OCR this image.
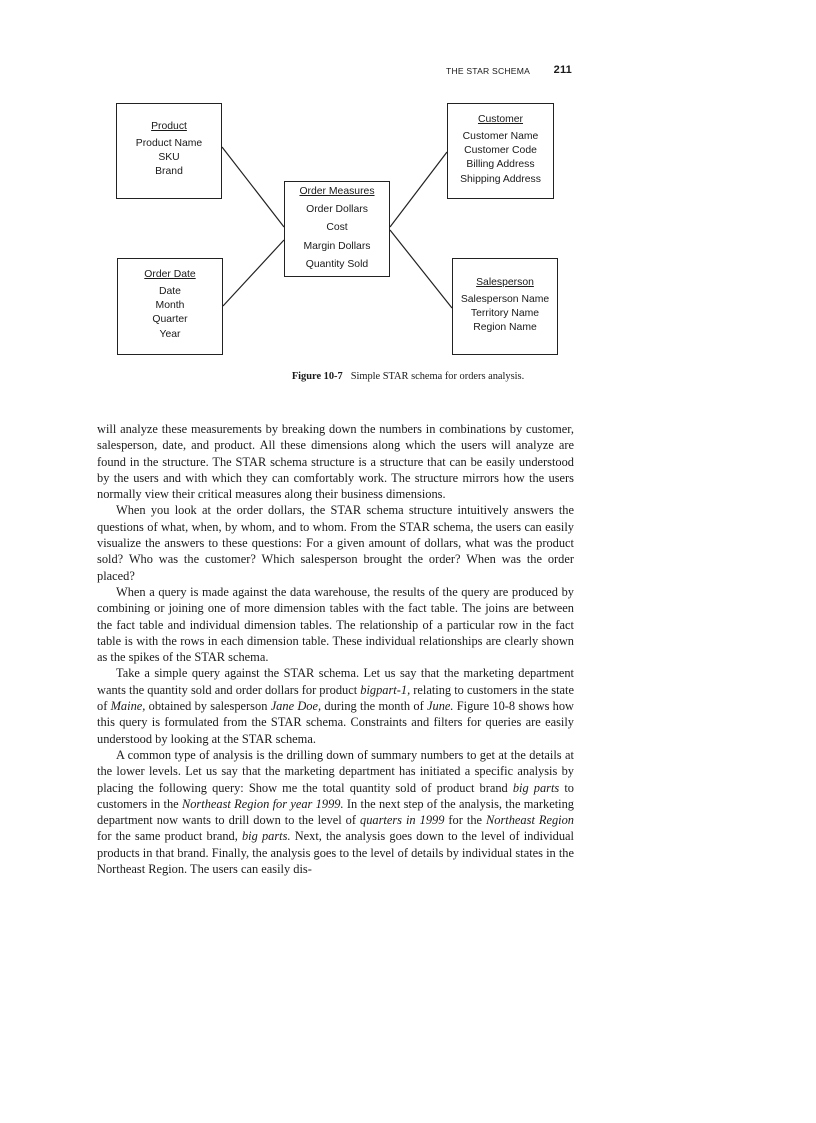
THE STAR SCHEMA 211
Product
Product Name
SKU
Brand
Customer
Customer Name
Customer Code
Billing Address
Shipping Address
Order Measures
Order Dollars
Cost
Margin Dollars
Quantity Sold
Order Date
Date
Month
Quarter
Year
Salesperson
Salesperson Name
Territory Name
Region Name
Figure 10-7 Simple STAR schema for orders analysis.

will analyze these measurements by breaking down the numbers in combinations by customer, salesperson, date, and product. All these dimensions along which the users will analyze are found in the structure. The STAR schema structure is a structure that can be easily understood by the users and with which they can comfortably work. The structure mirrors how the users normally view their critical measures along their business dimensions.

When you look at the order dollars, the STAR schema structure intuitively answers the questions of what, when, by whom, and to whom. From the STAR schema, the users can easily visualize the answers to these questions: For a given amount of dollars, what was the product sold? Who was the customer? Which salesperson brought the order? When was the order placed?

When a query is made against the data warehouse, the results of the query are produced by combining or joining one of more dimension tables with the fact table. The joins are between the fact table and individual dimension tables. The relationship of a particular row in the fact table is with the rows in each dimension table. These individual relationships are clearly shown as the spikes of the STAR schema.

Take a simple query against the STAR schema. Let us say that the marketing department wants the quantity sold and order dollars for product bigpart-1, relating to customers in the state of Maine, obtained by salesperson Jane Doe, during the month of June. Figure 10-8 shows how this query is formulated from the STAR schema. Constraints and filters for queries are easily understood by looking at the STAR schema.

A common type of analysis is the drilling down of summary numbers to get at the details at the lower levels. Let us say that the marketing department has initiated a specific analysis by placing the following query: Show me the total quantity sold of product brand big parts to customers in the Northeast Region for year 1999. In the next step of the analysis, the marketing department now wants to drill down to the level of quarters in 1999 for the Northeast Region for the same product brand, big parts. Next, the analysis goes down to the level of individual products in that brand. Finally, the analysis goes to the level of details by individual states in the Northeast Region. The users can easily dis-
